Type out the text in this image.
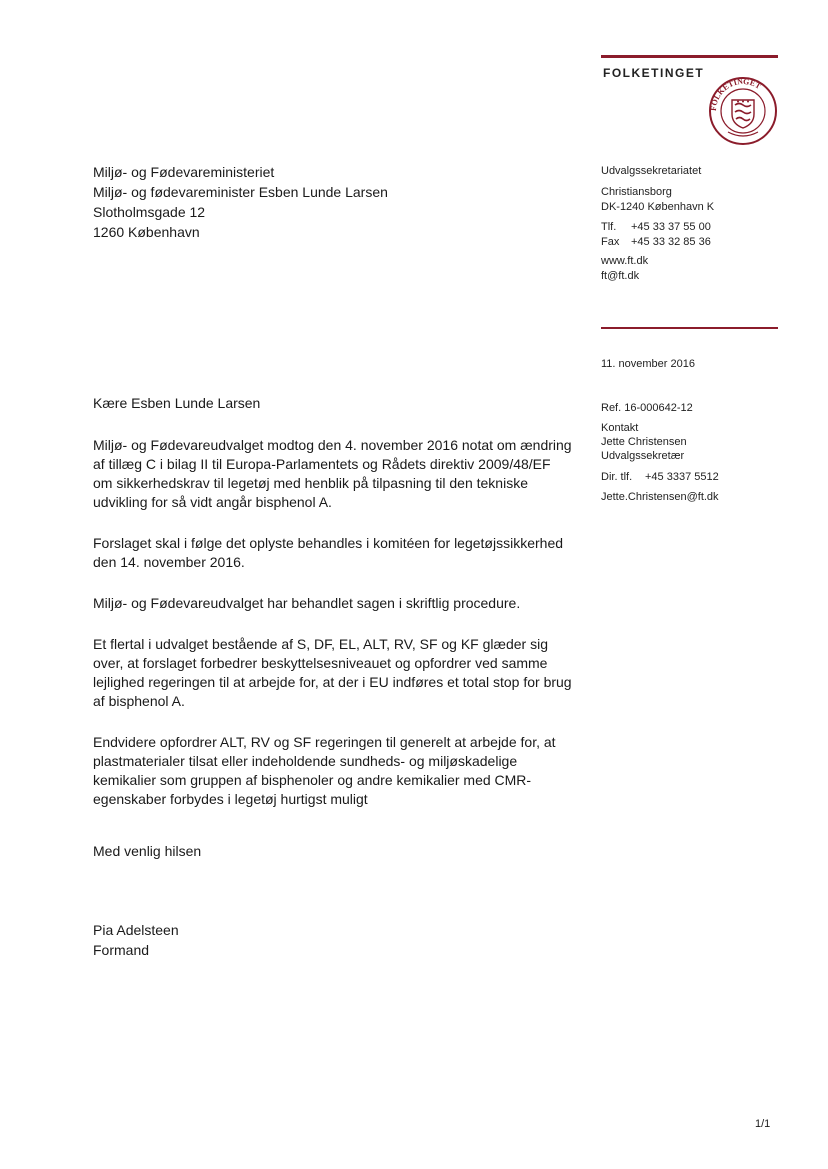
FOLKETINGET
FOLKETINGET
Miljø- og Fødevareministeriet
Miljø- og fødevareminister Esben Lunde Larsen
Slotholmsgade 12
1260 København
Udvalgssekretariatet
Christiansborg
DK-1240 København K
Tlf.	+45 33 37 55 00
Fax	+45 33 32 85 36
www.ft.dk
ft@ft.dk
11. november 2016
Ref. 16-000642-12
Kontakt
Jette Christensen
Udvalgssekretær
Dir. tlf.	+45 3337 5512
Jette.Christensen@ft.dk
Kære Esben Lunde Larsen

Miljø- og Fødevareudvalget modtog den 4. november 2016 notat om ændring af tillæg C i bilag II til Europa-Parlamentets og Rådets direktiv 2009/48/EF om sikkerhedskrav til legetøj med henblik på tilpasning til den tekniske udvikling for så vidt angår bisphenol A.

Forslaget skal i følge det oplyste behandles i komitéen for legetøjssikkerhed den 14. november 2016.

Miljø- og Fødevareudvalget har behandlet sagen i skriftlig procedure.

Et flertal i udvalget bestående af S, DF, EL, ALT, RV, SF og KF glæder sig over, at forslaget forbedrer beskyttelsesniveauet og opfordrer ved samme lejlighed regeringen til at arbejde for, at der i EU indføres et total stop for brug af bisphenol A.

Endvidere opfordrer ALT, RV og SF regeringen til generelt at arbejde for, at plastmaterialer tilsat eller indeholdende sundheds- og miljøskadelige kemikalier som gruppen af bisphenoler og andre kemikalier med CMR-egenskaber forbydes i legetøj hurtigst muligt

Med venlig hilsen
Pia Adelsteen
Formand
1/1
